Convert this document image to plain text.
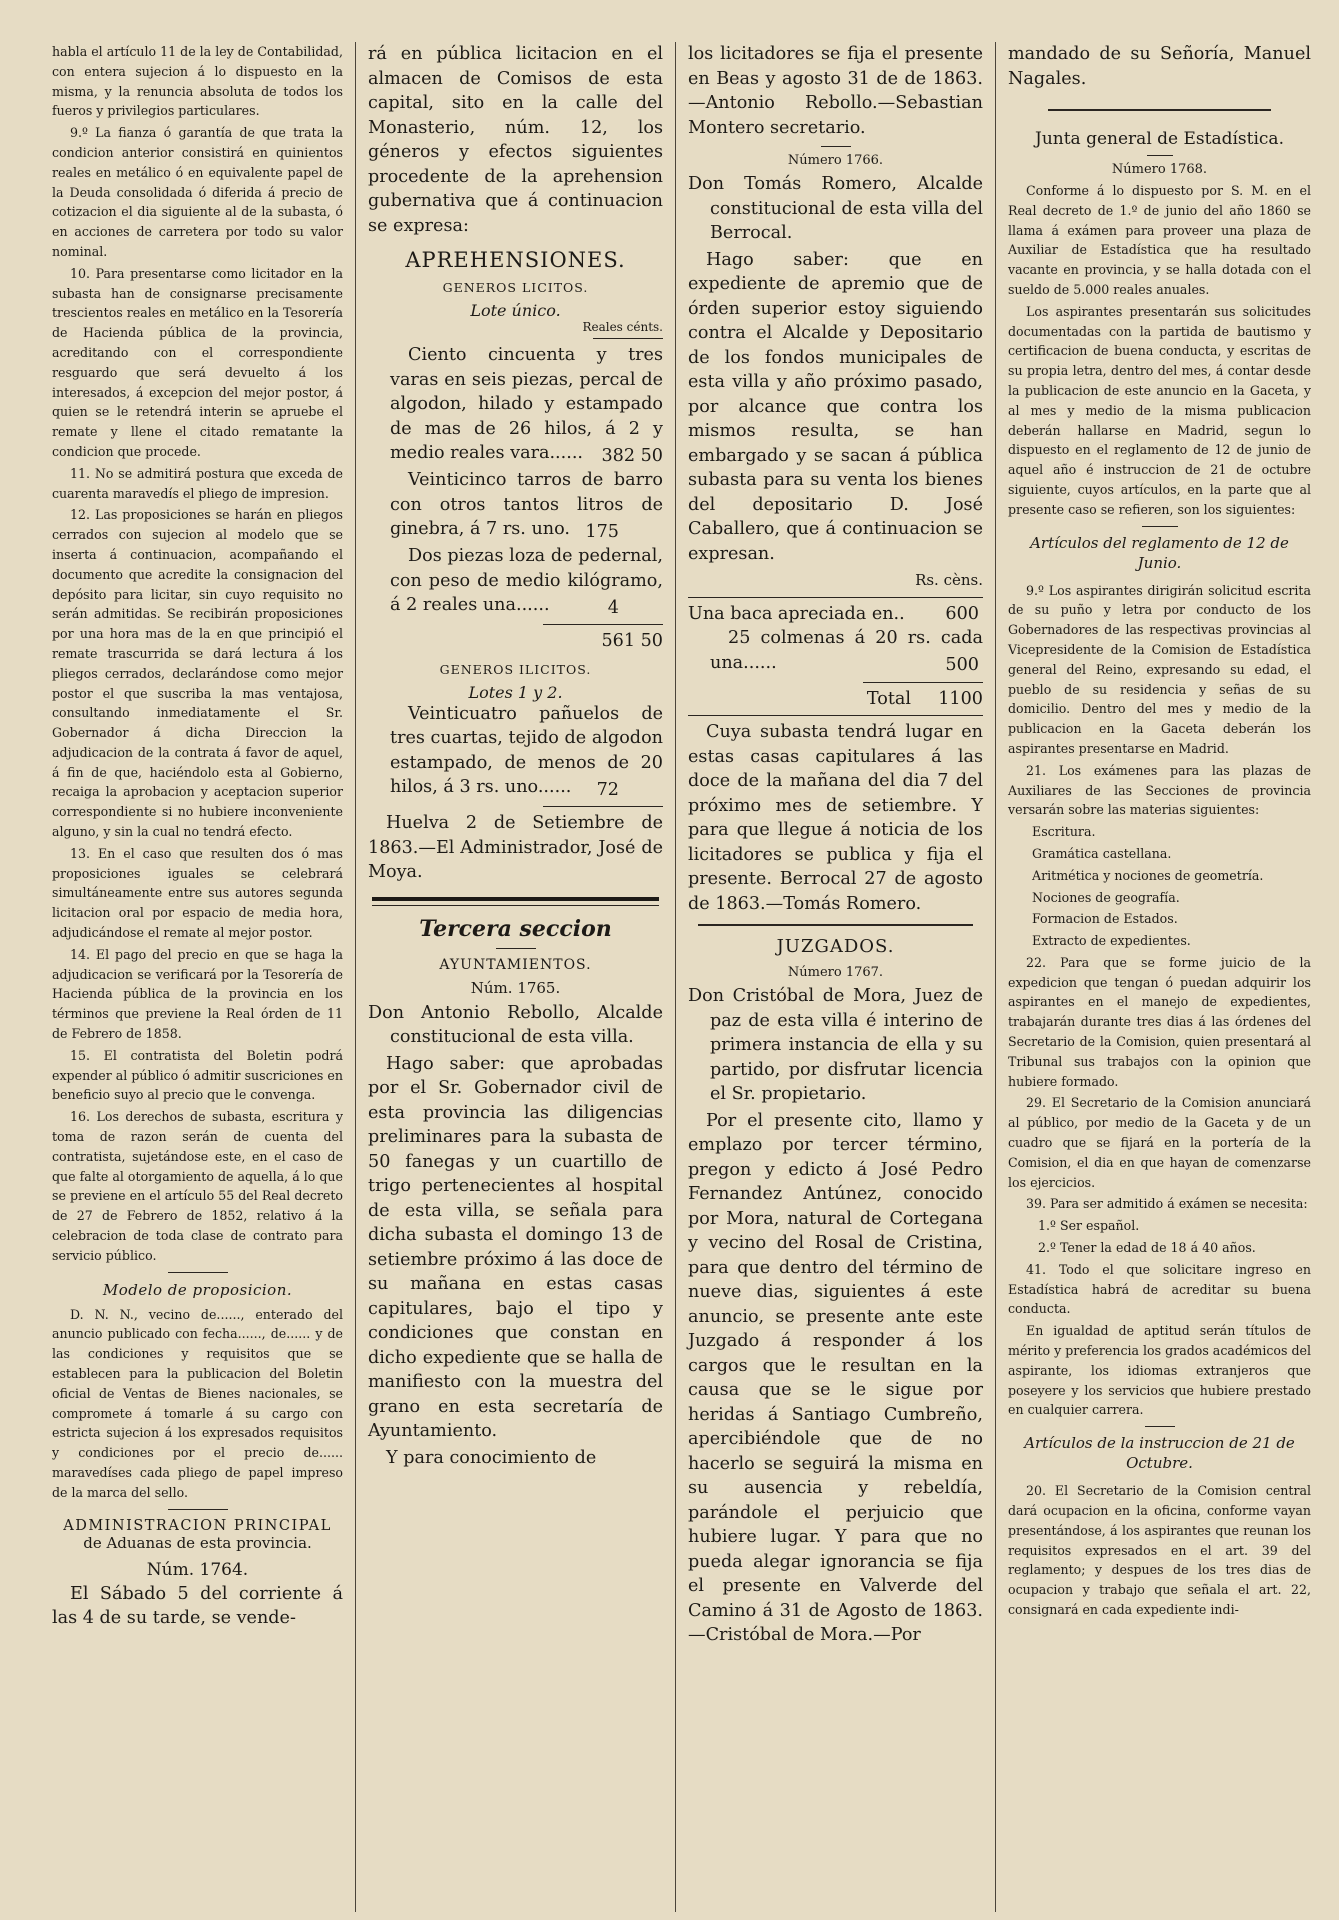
habla el artículo 11 de la ley de Contabilidad, con entera sujecion á lo dispuesto en la misma, y la renuncia absoluta de todos los fueros y privilegios particulares.

9.º La fianza ó garantía de que trata la condicion anterior consistirá en quinientos reales en metálico ó en equivalente papel de la Deuda consolidada ó diferida á precio de cotizacion el dia siguiente al de la subasta, ó en acciones de carretera por todo su valor nominal.

10. Para presentarse como licitador en la subasta han de consignarse precisamente trescientos reales en metálico en la Tesorería de Hacienda pública de la provincia, acreditando con el correspondiente resguardo que será devuelto á los interesados, á excepcion del mejor postor, á quien se le retendrá interin se apruebe el remate y llene el citado rematante la condicion que procede.

11. No se admitirá postura que exceda de cuarenta maravedís el pliego de impresion.

12. Las proposiciones se harán en pliegos cerrados con sujecion al modelo que se inserta á continuacion, acompañando el documento que acredite la consignacion del depósito para licitar, sin cuyo requisito no serán admitidas. Se recibirán proposiciones por una hora mas de la en que principió el remate trascurrida se dará lectura á los pliegos cerrados, declarándose como mejor postor el que suscriba la mas ventajosa, consultando inmediatamente el Sr. Gobernador á dicha Direccion la adjudicacion de la contrata á favor de aquel, á fin de que, haciéndolo esta al Gobierno, recaiga la aprobacion y aceptacion superior correspondiente si no hubiere inconveniente alguno, y sin la cual no tendrá efecto.

13. En el caso que resulten dos ó mas proposiciones iguales se celebrará simultáneamente entre sus autores segunda licitacion oral por espacio de media hora, adjudicándose el remate al mejor postor.

14. El pago del precio en que se haga la adjudicacion se verificará por la Tesorería de Hacienda pública de la provincia en los términos que previene la Real órden de 11 de Febrero de 1858.

15. El contratista del Boletin podrá expender al público ó admitir suscriciones en beneficio suyo al precio que le convenga.

16. Los derechos de subasta, escritura y toma de razon serán de cuenta del contratista, sujetándose este, en el caso de que falte al otorgamiento de aquella, á lo que se previene en el artículo 55 del Real decreto de 27 de Febrero de 1852, relativo á la celebracion de toda clase de contrato para servicio público.

Modelo de proposicion.

D. N. N., vecino de......, enterado del anuncio publicado con fecha......, de...... y de las condiciones y requisitos que se establecen para la publicacion del Boletin oficial de Ventas de Bienes nacionales, se compromete á tomarle á su cargo con estricta sujecion á los expresados requisitos y condiciones por el precio de...... maravedíses cada pliego de papel impreso de la marca del sello.

ADMINISTRACION PRINCIPAL
de Aduanas de esta provincia.
Núm. 1764.

El Sábado 5 del corriente á las 4 de su tarde, se vende-

rá en pública licitacion en el almacen de Comisos de esta capital, sito en la calle del Monasterio, núm. 12, los géneros y efectos siguientes procedente de la aprehension gubernativa que á continuacion se expresa:

APREHENSIONES.
GENEROS LICITOS.
Lote único.
Reales cénts.

Ciento cincuenta y tres varas en seis piezas, percal de algodon, hilado y estampado de mas de 26 hilos, á 2 y medio reales vara......	382 50

Veinticinco tarros de barro con otros tantos litros de ginebra, á 7 rs. uno. 175

Dos piezas loza de pedernal, con peso de medio kilógramo, á 2 reales una......	4
561 50
GENEROS ILICITOS.
Lotes 1 y 2.

Veinticuatro pañuelos de tres cuartas, tejido de algodon estampado, de menos de 20 hilos, á 3 rs. uno......	72

Huelva 2 de Setiembre de 1863.—El Administrador, José de Moya.

Tercera seccion
AYUNTAMIENTOS.
Núm. 1765.

Don Antonio Rebollo, Alcalde constitucional de esta villa.

Hago saber: que aprobadas por el Sr. Gobernador civil de esta provincia las diligencias preliminares para la subasta de 50 fanegas y un cuartillo de trigo pertenecientes al hospital de esta villa, se señala para dicha subasta el domingo 13 de setiembre próximo á las doce de su mañana en estas casas capitulares, bajo el tipo y condiciones que constan en dicho expediente que se halla de manifiesto con la muestra del grano en esta secretaría de Ayuntamiento.

Y para conocimiento de

los licitadores se fija el presente en Beas y agosto 31 de de 1863.—Antonio Rebollo.—Sebastian Montero secretario.

Número 1766.

Don Tomás Romero, Alcalde constitucional de esta villa del Berrocal.

Hago saber: que en expediente de apremio que de órden superior estoy siguiendo contra el Alcalde y Depositario de los fondos municipales de esta villa y año próximo pasado, por alcance que contra los mismos resulta, se han embargado y se sacan á pública subasta para su venta los bienes del depositario D. José Caballero, que á continuacion se expresan.

Rs. cèns.
Una baca apreciada en..	600

25 colmenas á 20 rs. cada una......	500
Total 1100

Cuya subasta tendrá lugar en estas casas capitulares á las doce de la mañana del dia 7 del próximo mes de setiembre. Y para que llegue á noticia de los licitadores se publica y fija el presente. Berrocal 27 de agosto de 1863.—Tomás Romero.

JUZGADOS.
Número 1767.

Don Cristóbal de Mora, Juez de paz de esta villa é interino de primera instancia de ella y su partido, por disfrutar licencia el Sr. propietario.

Por el presente cito, llamo y emplazo por tercer término, pregon y edicto á José Pedro Fernandez Antúnez, conocido por Mora, natural de Cortegana y vecino del Rosal de Cristina, para que dentro del término de nueve dias, siguientes á este anuncio, se presente ante este Juzgado á responder á los cargos que le resultan en la causa que se le sigue por heridas á Santiago Cumbreño, apercibiéndole que de no hacerlo se seguirá la misma en su ausencia y rebeldía, parándole el perjuicio que hubiere lugar. Y para que no pueda alegar ignorancia se fija el presente en Valverde del Camino á 31 de Agosto de 1863.—Cristóbal de Mora.—Por

mandado de su Señoría, Manuel Nagales.

Junta general de Estadística.
Número 1768.

Conforme á lo dispuesto por S. M. en el Real decreto de 1.º de junio del año 1860 se llama á exámen para proveer una plaza de Auxiliar de Estadística que ha resultado vacante en provincia, y se halla dotada con el sueldo de 5.000 reales anuales.

Los aspirantes presentarán sus solicitudes documentadas con la partida de bautismo y certificacion de buena conducta, y escritas de su propia letra, dentro del mes, á contar desde la publicacion de este anuncio en la Gaceta, y al mes y medio de la misma publicacion deberán hallarse en Madrid, segun lo dispuesto en el reglamento de 12 de junio de aquel año é instruccion de 21 de octubre siguiente, cuyos artículos, en la parte que al presente caso se refieren, son los siguientes:

Artículos del reglamento de 12 de Junio.

9.º Los aspirantes dirigirán solicitud escrita de su puño y letra por conducto de los Gobernadores de las respectivas provincias al Vicepresidente de la Comision de Estadística general del Reino, expresando su edad, el pueblo de su residencia y señas de su domicilio. Dentro del mes y medio de la publicacion en la Gaceta deberán los aspirantes presentarse en Madrid.

21. Los exámenes para las plazas de Auxiliares de las Secciones de provincia versarán sobre las materias siguientes:

Escritura.

Gramática castellana.

Aritmética y nociones de geometría.

Nociones de geografía.

Formacion de Estados.

Extracto de expedientes.

22. Para que se forme juicio de la expedicion que tengan ó puedan adquirir los aspirantes en el manejo de expedientes, trabajarán durante tres dias á las órdenes del Secretario de la Comision, quien presentará al Tribunal sus trabajos con la opinion que hubiere formado.

29. El Secretario de la Comision anunciará al público, por medio de la Gaceta y de un cuadro que se fijará en la portería de la Comision, el dia en que hayan de comenzarse los ejercicios.

39. Para ser admitido á exámen se necesita:

1.º Ser español.

2.º Tener la edad de 18 á 40 años.

41. Todo el que solicitare ingreso en Estadística habrá de acreditar su buena conducta.

En igualdad de aptitud serán títulos de mérito y preferencia los grados académicos del aspirante, los idiomas extranjeros que poseyere y los servicios que hubiere prestado en cualquier carrera.

Artículos de la instruccion de 21 de Octubre.

20. El Secretario de la Comision central dará ocupacion en la oficina, conforme vayan presentándose, á los aspirantes que reunan los requisitos expresados en el art. 39 del reglamento; y despues de los tres dias de ocupacion y trabajo que señala el art. 22, consignará en cada expediente indi-
